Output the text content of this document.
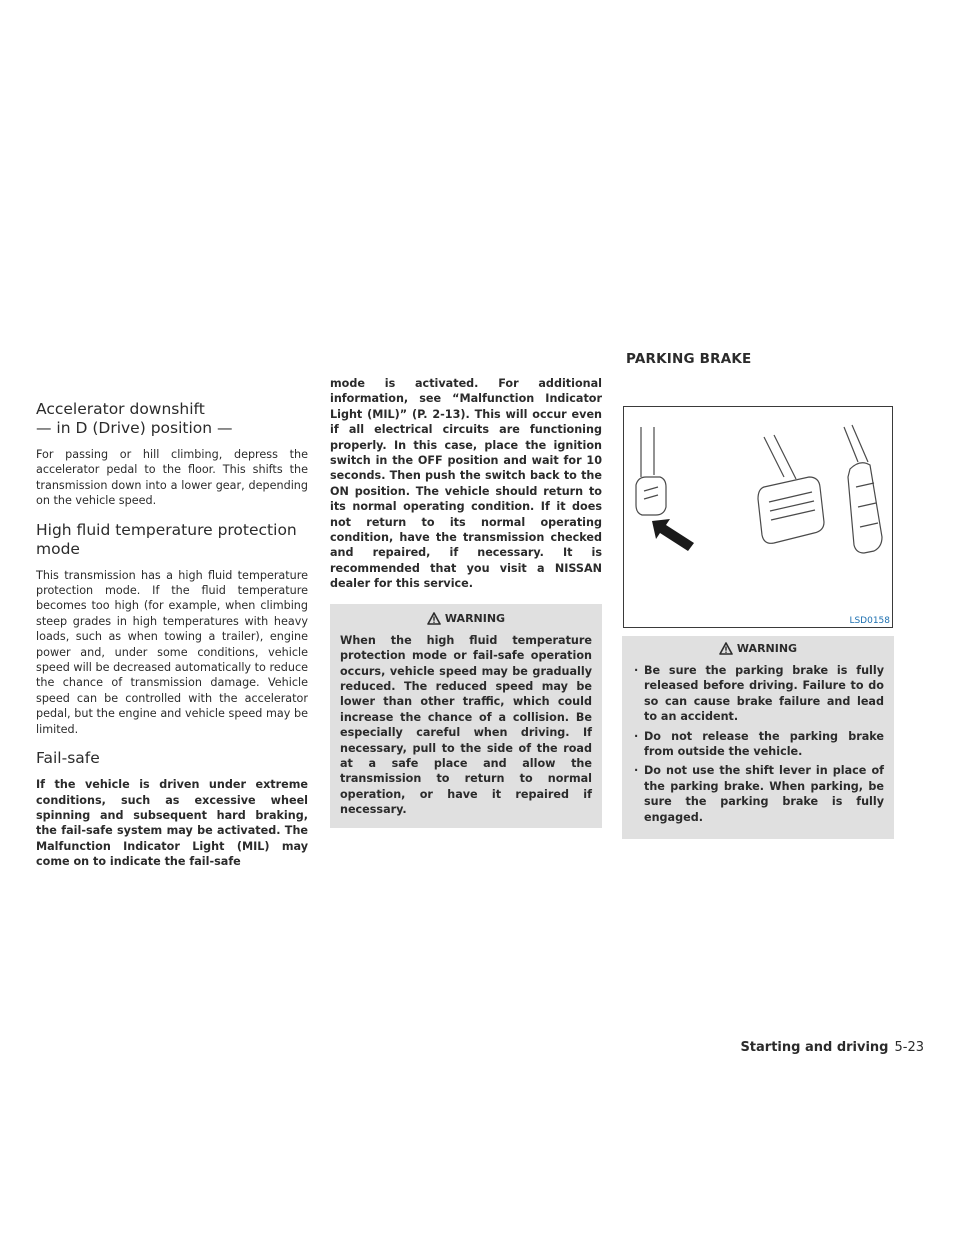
Accelerator downshift
— in D (Drive) position —

For passing or hill climbing, depress the accelerator pedal to the floor. This shifts the transmission down into a lower gear, depending on the vehicle speed.

High fluid temperature protection
mode

This transmission has a high fluid temperature protection mode. If the fluid temperature becomes too high (for example, when climbing steep grades in high temperatures with heavy loads, such as when towing a trailer), engine power and, under some conditions, vehicle speed will be decreased automatically to reduce the chance of transmission damage. Vehicle speed can be controlled with the accelerator pedal, but the engine and vehicle speed may be limited.

Fail-safe

If the vehicle is driven under extreme conditions, such as excessive wheel spinning and subsequent hard braking, the fail-safe system may be activated. The Malfunction Indicator Light (MIL) may come on to indicate the fail-safe

mode is activated. For additional information, see “Malfunction Indicator Light (MIL)” (P. 2-13). This will occur even if all electrical circuits are functioning properly. In this case, place the ignition switch in the OFF position and wait for 10 seconds. Then push the switch back to the ON position. The vehicle should return to its normal operating condition. If it does not return to its normal operating condition, have the transmission checked and repaired, if necessary. It is recommended that you visit a NISSAN dealer for this service.

WARNING

When the high fluid temperature protection mode or fail-safe operation occurs, vehicle speed may be gradually reduced. The reduced speed may be lower than other traffic, which could increase the chance of a collision. Be especially careful when driving. If necessary, pull to the side of the road at a safe place and allow the transmission to return to normal operation, or have it repaired if necessary.

PARKING BRAKE
LSD0158
WARNING
· Be sure the parking brake is fully released before driving. Failure to do so can cause brake failure and lead to an accident.
· Do not release the parking brake from outside the vehicle.
· Do not use the shift lever in place of the parking brake. When parking, be sure the parking brake is fully engaged.
Starting and driving 5-23
